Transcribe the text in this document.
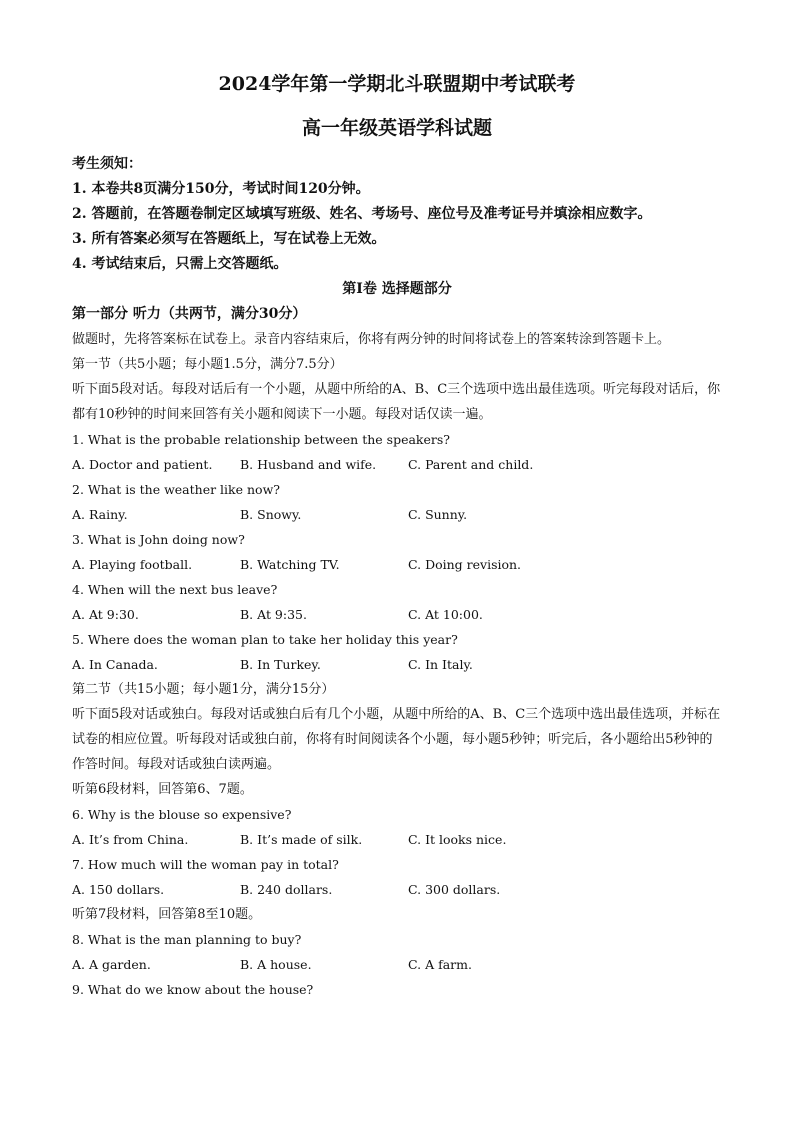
2024学年第一学期北斗联盟期中考试联考
高一年级英语学科试题
考生须知：
1. 本卷共8页满分150分，考试时间120分钟。
2. 答题前，在答题卷制定区域填写班级、姓名、考场号、座位号及准考证号并填涂相应数字。
3. 所有答案必须写在答题纸上，写在试卷上无效。
4. 考试结束后，只需上交答题纸。
第I卷 选择题部分
第一部分 听力（共两节，满分30分）
做题时，先将答案标在试卷上。录音内容结束后，你将有两分钟的时间将试卷上的答案转涂到答题卡上。
第一节（共5小题；每小题1.5分，满分7.5分）
听下面5段对话。每段对话后有一个小题，从题中所给的A、B、C三个选项中选出最佳选项。听完每段对话后，你都有10秒钟的时间来回答有关小题和阅读下一小题。每段对话仅读一遍。
1. What is the probable relationship between the speakers?
A. Doctor and patient. B. Husband and wife.	C. Parent and child.
2. What is the weather like now?
A. Rainy.	B. Snowy.	C. Sunny.
3. What is John doing now?
A. Playing football.	B. Watching TV.	C. Doing revision.
4. When will the next bus leave?
A. At 9:30.	B. At 9:35.	C. At 10:00.
5. Where does the woman plan to take her holiday this year?
A. In Canada.	B. In Turkey.	C. In Italy.
第二节（共15小题；每小题1分，满分15分）
听下面5段对话或独白。每段对话或独白后有几个小题，从题中所给的A、B、C三个选项中选出最佳选项，并标在试卷的相应位置。听每段对话或独白前，你将有时间阅读各个小题，每小题5秒钟；听完后，各小题给出5秒钟的作答时间。每段对话或独白读两遍。
听第6段材料，回答第6、7题。
6. Why is the blouse so expensive?
A. It’s from China.	B. It’s made of silk.	C. It looks nice.
7. How much will the woman pay in total?
A. 150 dollars.	B. 240 dollars.	C. 300 dollars.
听第7段材料，回答第8至10题。
8. What is the man planning to buy?
A. A garden.	B. A house.	C. A farm.
9. What do we know about the house?
